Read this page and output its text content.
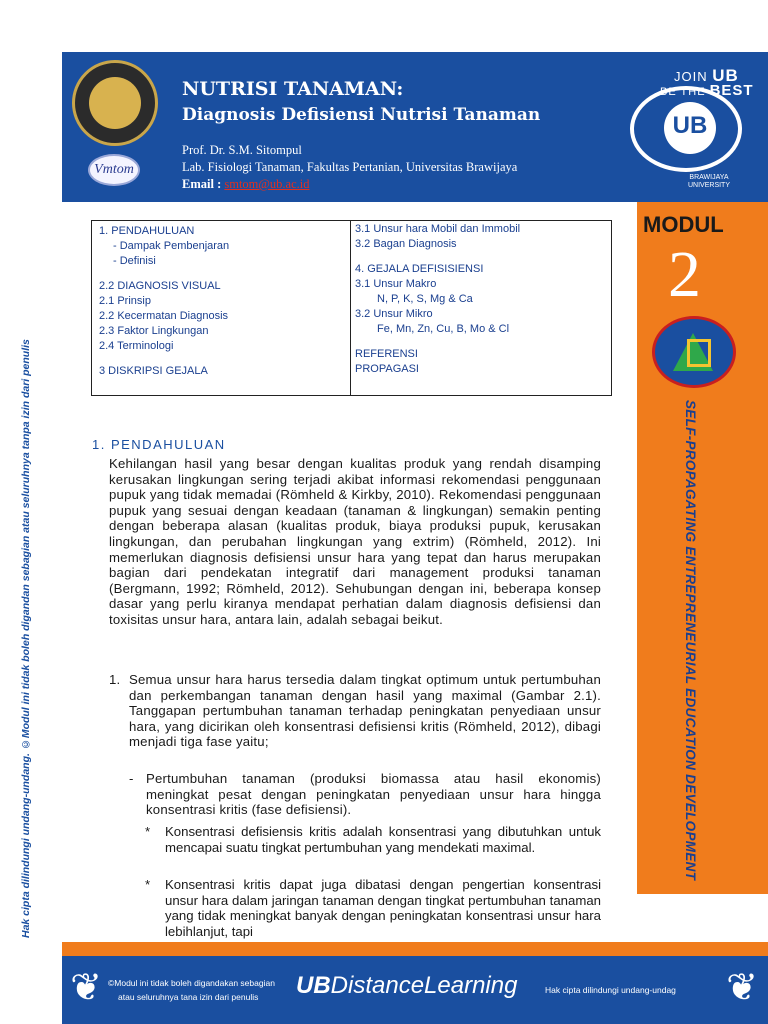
Hak cipta dilindungi undang-undang. ©Modul ini tidak boleh digandan sebagian atau seluruhnya tanpa izin dari penulis
Vmtom
NUTRISI TANAMAN:
Diagnosis Defisiensi Nutrisi Tanaman
Prof. Dr. S.M. Sitompul
Lab. Fisiologi Tanaman, Fakultas Pertanian, Universitas Brawijaya
Email : smtom@ub.ac.id
JOIN UB
BE THE BEST
UB
BRAWIJAYA
UNIVERSITY
MODUL
2
SELF-PROPAGATING ENTREPRENEURIAL EDUCATION DEVELOPMENT
1. PENDAHULUAN
- Dampak Pembenjaran
- Definisi
2.2 DIAGNOSIS VISUAL
2.1 Prinsip
2.2 Kecermatan Diagnosis
2.3 Faktor Lingkungan
2.4 Terminologi
3 DISKRIPSI GEJALA
3.1 Unsur hara Mobil dan Immobil
3.2 Bagan Diagnosis
4. GEJALA DEFISISIENSI
3.1 Unsur Makro
N, P, K, S, Mg & Ca
3.2 Unsur Mikro
Fe, Mn, Zn, Cu, B, Mo & Cl
REFERENSI
PROPAGASI
1. PENDAHULUAN
Kehilangan hasil yang besar dengan kualitas produk yang rendah disamping kerusakan lingkungan sering terjadi akibat informasi rekomendasi penggunaan pupuk yang tidak memadai (Römheld & Kirkby, 2010). Rekomendasi penggunaan pupuk yang sesuai dengan keadaan (tanaman & lingkungan) semakin penting dengan beberapa alasan (kualitas produk, biaya produksi pupuk, kerusakan lingkungan, dan perubahan lingkungan yang extrim) (Römheld, 2012). Ini memerlukan diagnosis defisiensi unsur hara yang tepat dan harus merupakan bagian dari pendekatan integratif dari management produksi tanaman (Bergmann, 1992; Römheld, 2012). Sehubungan dengan ini, beberapa konsep dasar yang perlu kiranya mendapat perhatian dalam diagnosis defisiensi dan toxisitas unsur hara, antara lain, adalah sebagai beikut.
1. Semua unsur hara harus tersedia dalam tingkat optimum untuk pertumbuhan dan perkembangan tanaman dengan hasil yang maximal (Gambar 2.1). Tanggapan pertumbuhan tanaman terhadap peningkatan penyediaan unsur hara, yang dicirikan oleh konsentrasi defisiensi kritis (Römheld, 2012), dibagi menjadi tiga fase yaitu;
- Pertumbuhan tanaman (produksi biomassa atau hasil ekonomis) meningkat pesat dengan peningkatan penyediaan unsur hara hingga konsentrasi kritis (fase defisiensi).
* Konsentrasi defisiensis kritis adalah konsentrasi yang dibutuhkan untuk mencapai suatu tingkat pertumbuhan yang mendekati maximal.
* Konsentrasi kritis dapat juga dibatasi dengan pengertian konsentrasi unsur hara dalam jaringan tanaman dengan tingkat pertumbuhan tanaman yang tidak meningkat banyak dengan peningkatan konsentrasi unsur hara lebihlanjut, tapi
❦	❦
©Modul ini tidak boleh digandakan sebagian
atau seluruhnya tana izin dari penulis UBDistanceLearning	Hak cipta dilindungi undang-undag
